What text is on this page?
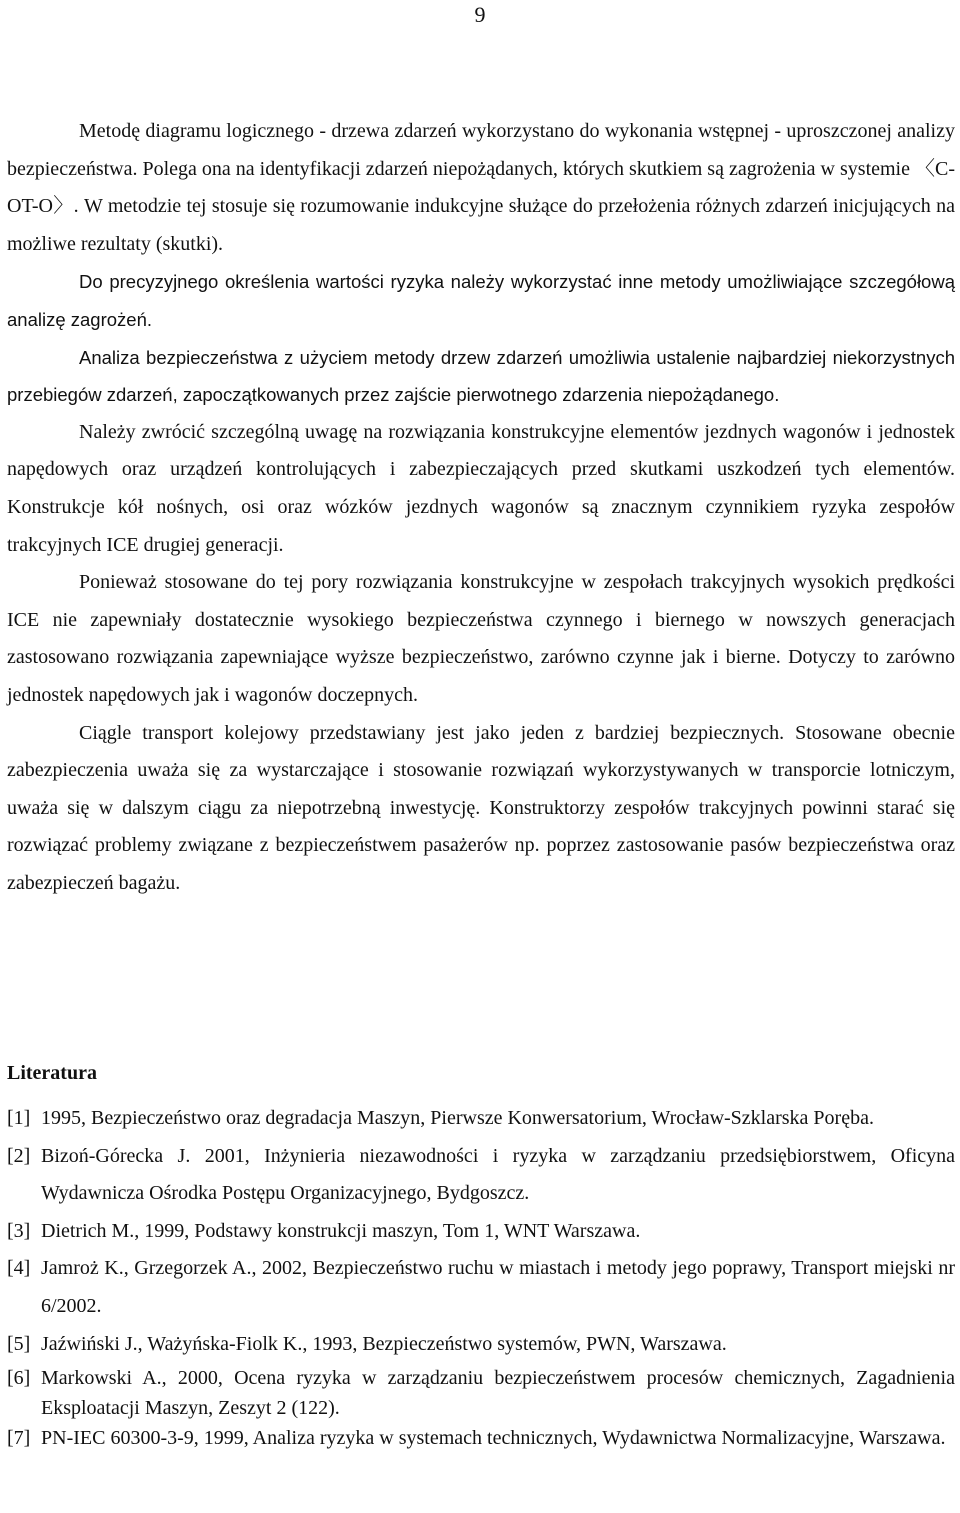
9

Metodę diagramu logicznego - drzewa zdarzeń wykorzystano do wykonania wstępnej - uproszczonej analizy bezpieczeństwa. Polega ona na identyfikacji zdarzeń niepożądanych, których skutkiem są zagrożenia w systemie 〈C-OT-O〉. W metodzie tej stosuje się rozumowanie indukcyjne służące do przełożenia różnych zdarzeń inicjujących na możliwe rezultaty (skutki).

Do precyzyjnego określenia wartości ryzyka należy wykorzystać inne metody umożliwiające szczegółową analizę zagrożeń.

Analiza bezpieczeństwa z użyciem metody drzew zdarzeń umożliwia ustalenie najbardziej niekorzystnych przebiegów zdarzeń, zapoczątkowanych przez zajście pierwotnego zdarzenia niepożądanego.

Należy zwrócić szczególną uwagę na rozwiązania konstrukcyjne elementów jezdnych wagonów i jednostek napędowych oraz urządzeń kontrolujących i zabezpieczających przed skutkami uszkodzeń tych elementów. Konstrukcje kół nośnych, osi oraz wózków jezdnych wagonów są znacznym czynnikiem ryzyka zespołów trakcyjnych ICE drugiej generacji.

Ponieważ stosowane do tej pory rozwiązania konstrukcyjne w zespołach trakcyjnych wysokich prędkości ICE nie zapewniały dostatecznie wysokiego bezpieczeństwa czynnego i biernego w nowszych generacjach zastosowano rozwiązania zapewniające wyższe bezpieczeństwo, zarówno czynne jak i bierne. Dotyczy to zarówno jednostek napędowych jak i wagonów doczepnych.

Ciągle transport kolejowy przedstawiany jest jako jeden z bardziej bezpiecznych. Stosowane obecnie zabezpieczenia uważa się za wystarczające i stosowanie rozwiązań wykorzystywanych w transporcie lotniczym, uważa się w dalszym ciągu za niepotrzebną inwestycję. Konstruktorzy zespołów trakcyjnych powinni starać się rozwiązać problemy związane z bezpieczeństwem pasażerów np. poprzez zastosowanie pasów bezpieczeństwa oraz zabezpieczeń bagażu.

Literatura
[1] 1995, Bezpieczeństwo oraz degradacja Maszyn, Pierwsze Konwersatorium, Wrocław-Szklarska Poręba.
[2] Bizoń-Górecka J. 2001, Inżynieria niezawodności i ryzyka w zarządzaniu przedsiębiorstwem, Oficyna Wydawnicza Ośrodka Postępu Organizacyjnego, Bydgoszcz.
[3] Dietrich M., 1999, Podstawy konstrukcji maszyn, Tom 1, WNT Warszawa.
[4] Jamroż K., Grzegorzek A., 2002, Bezpieczeństwo ruchu w miastach i metody jego poprawy, Transport miejski nr 6/2002.
[5] Jaźwiński J., Ważyńska-Fiolk K., 1993, Bezpieczeństwo systemów, PWN, Warszawa.
[6] Markowski A., 2000, Ocena ryzyka w zarządzaniu bezpieczeństwem procesów chemicznych, Zagadnienia Eksploatacji Maszyn, Zeszyt 2 (122).
[7] PN-IEC 60300-3-9, 1999, Analiza ryzyka w systemach technicznych, Wydawnictwa Normalizacyjne, Warszawa.
